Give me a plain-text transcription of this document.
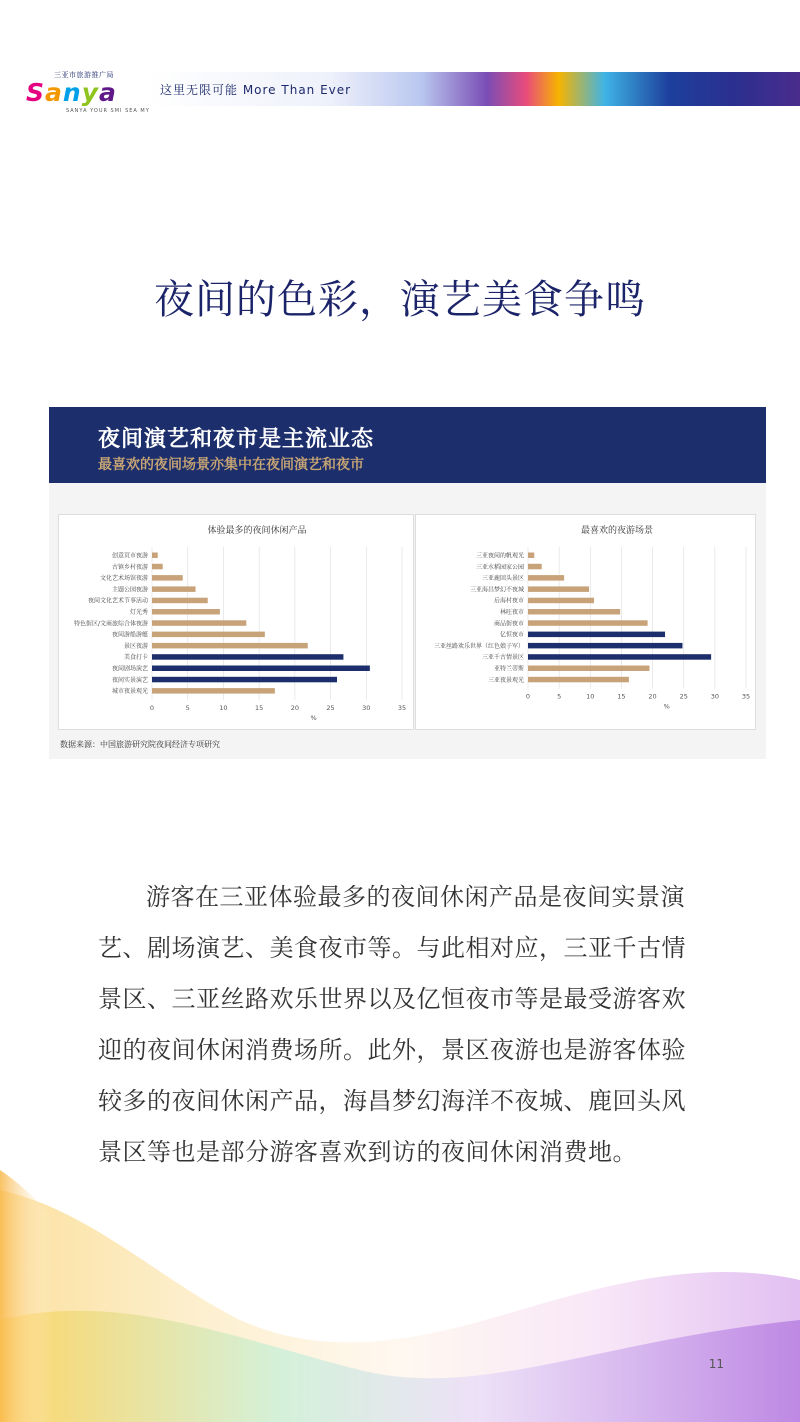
三亚市旅游推广局
Sanya
SANYA YOUR SMI SEA MY
这里无限可能 More Than Ever
夜间的色彩，演艺美食争鸣
夜间演艺和夜市是主流业态
最喜欢的夜间场景亦集中在夜间演艺和夜市
体验最多的夜间休闲产品
0	5	10	15	20	25	30	35
%
创意页市夜游
古镇乡村夜游
文化艺术场馆夜游
主题公园夜游
夜间文化艺术节事活动
灯光秀
特色街区/文商旅综合体夜游
夜间游船游艇
景区夜游
美食打卡
夜间剧场演艺
夜间实景演艺
城市夜景观光
最喜欢的夜游场景
0	5	10	15	20	25	30	35
%
三亚夜间的帆观光
三亚水稻园家公园
三亚鹿回头景区
三亚海昌梦幻不夜城
后海村夜市
林旺夜市
商品街夜市
亿恒夜市
三亚丝路欢乐世界（红色娘子军）
三亚千古情景区
亚特兰蒂斯
三亚夜景观光
数据来源：中国旅游研究院夜间经济专项研究

游客在三亚体验最多的夜间休闲产品是夜间实景演艺、剧场演艺、美食夜市等。与此相对应，三亚千古情景区、三亚丝路欢乐世界以及亿恒夜市等是最受游客欢迎的夜间休闲消费场所。此外，景区夜游也是游客体验较多的夜间休闲产品，海昌梦幻海洋不夜城、鹿回头风景区等也是部分游客喜欢到访的夜间休闲消费地。

11
